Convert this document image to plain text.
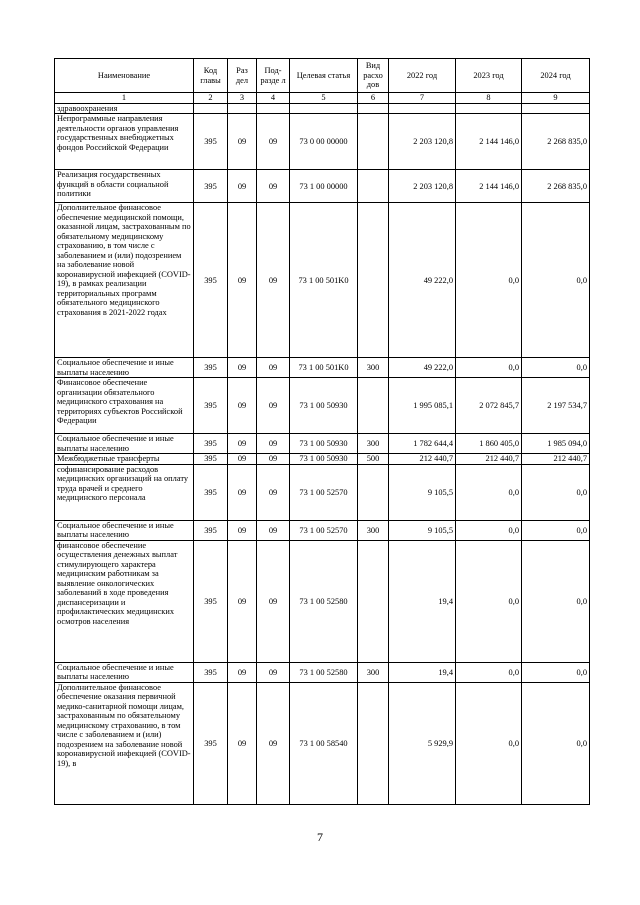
Наименование	Код главы	Раз дел	Под-разде л	Целевая статья	Вид расхо дов	2022 год	2023 год	2024 год
1	2	3	4	5	6	7	8	9
здравоохранения								
Непрограммные направления деятельности органов управления государственных внебюджетных фондов Российской Федерации	395	09	09	73 0 00 00000		2 203 120,8	2 144 146,0	2 268 835,0
Реализация государственных функций в области социальной политики	395	09	09	73 1 00 00000		2 203 120,8	2 144 146,0	2 268 835,0
Дополнительное финансовое обеспечение медицинской помощи, оказанной лицам, застрахованным по обязательному медицинскому страхованию, в том числе с заболеванием и (или) подозрением на заболевание новой коронавирусной инфекцией (COVID-19), в рамках реализации территориальных программ обязательного медицинского страхования в 2021-2022 годах	395	09	09	73 1 00 501K0		49 222,0	0,0	0,0
Социальное обеспечение и иные выплаты населению	395	09	09	73 1 00 501K0	300	49 222,0	0,0	0,0
Финансовое обеспечение организации обязательного медицинского страхования на территориях субъектов Российской Федерации	395	09	09	73 1 00 50930		1 995 085,1	2 072 845,7	2 197 534,7
Социальное обеспечение и иные выплаты населению	395	09	09	73 1 00 50930	300	1 782 644,4	1 860 405,0	1 985 094,0
Межбюджетные трансферты	395	09	09	73 1 00 50930	500	212 440,7	212 440,7	212 440,7
софинансирование расходов медицинских организаций на оплату труда врачей и среднего медицинского персонала	395	09	09	73 1 00 52570		9 105,5	0,0	0,0
Социальное обеспечение и иные выплаты населению	395	09	09	73 1 00 52570	300	9 105,5	0,0	0,0
финансовое обеспечение осуществления денежных выплат стимулирующего характера медицинским работникам за выявление онкологических заболеваний в ходе проведения диспансеризации и профилактических медицинских осмотров населения	395	09	09	73 1 00 52580		19,4	0,0	0,0
Социальное обеспечение и иные выплаты населению	395	09	09	73 1 00 52580	300	19,4	0,0	0,0
Дополнительное финансовое обеспечение оказания первичной медико-санитарной помощи лицам, застрахованным по обязательному медицинскому страхованию, в том числе с заболеванием и (или) подозрением на заболевание новой коронавирусной инфекцией (COVID-19), в	395	09	09	73 1 00 58540		5 929,9	0,0	0,0
7
